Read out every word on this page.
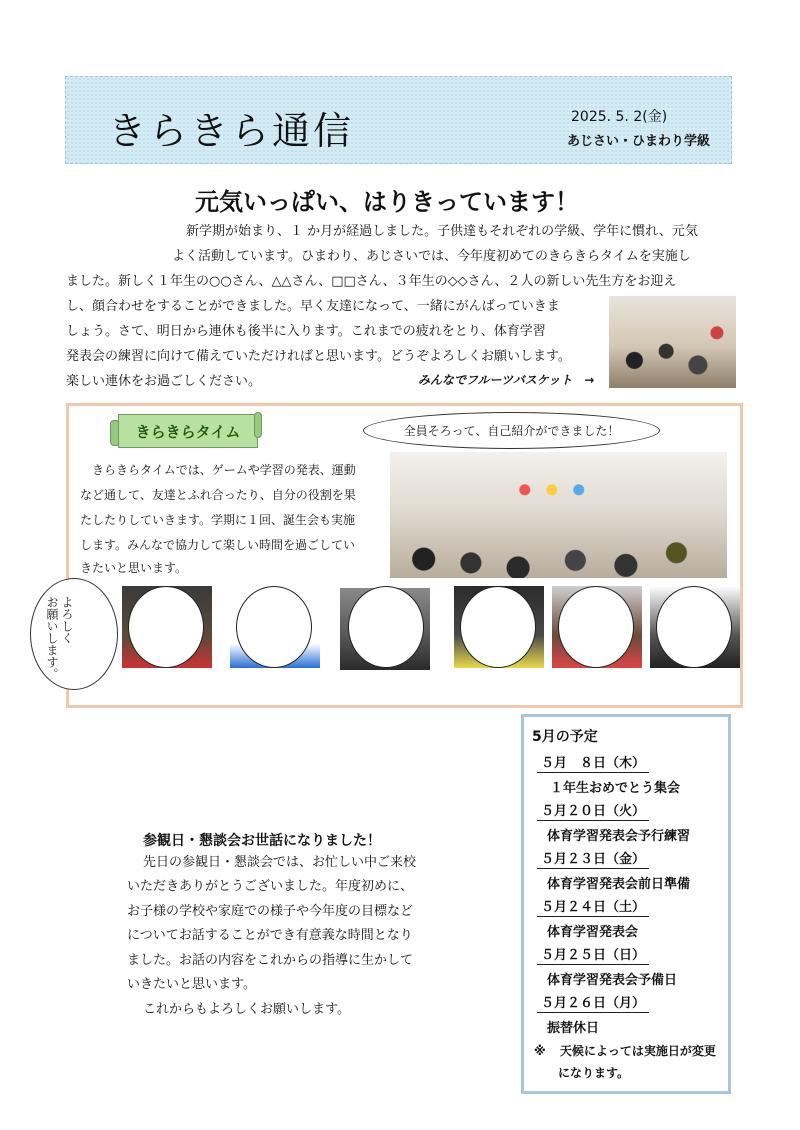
きらきら通信	2025. 5. 2(金)
あじさい・ひまわり学級
元気いっぱい、はりきっています！
新学期が始まり、１ か月が経過しました。子供達もそれぞれの学級、学年に慣れ、元気
よく活動しています。ひまわり、あじさいでは、今年度初めてのきらきらタイムを実施し
ました。新しく１年生の○○さん、△△さん、□□さん、３年生の◇◇さん、２人の新しい先生方をお迎え
し、顔合わせをすることができました。早く友達になって、一緒にがんばっていきま
しょう。さて、明日から連休も後半に入ります。これまでの疲れをとり、体育学習
発表会の練習に向けて備えていただければと思います。どうぞよろしくお願いします。
楽しい連休をお過ごしください。	みんなでフルーツバスケット　→
きらきらタイム	全員そろって、自己紹介ができました！
きらきらタイムでは、ゲームや学習の発表、運動
など通して、友達とふれ合ったり、自分の役割を果
たしたりしていきます。学期に１回、誕生会も実施
します。みんなで協力して楽しい時間を過ごしてい
きたいと思います。
よろしく
お願いします。
参観日・懇談会お世話になりました！
先日の参観日・懇談会では、お忙しい中ご来校
いただきありがとうございました。年度初めに、
お子様の学校や家庭での様子や今年度の目標など
についてお話することができ有意義な時間となり
ました。お話の内容をこれからの指導に生かして
いきたいと思います。
これからもよろしくお願いします。
5月の予定
５月　８日（木）
１年生おめでとう集会
５月２０日（火）
体育学習発表会予行練習
５月２３日（金）
体育学習発表会前日準備
５月２４日（土）
体育学習発表会
５月２５日（日）
体育学習発表会予備日
５月２６日（月）
振替休日
※ 天候によっては実施日が変更
になります。
